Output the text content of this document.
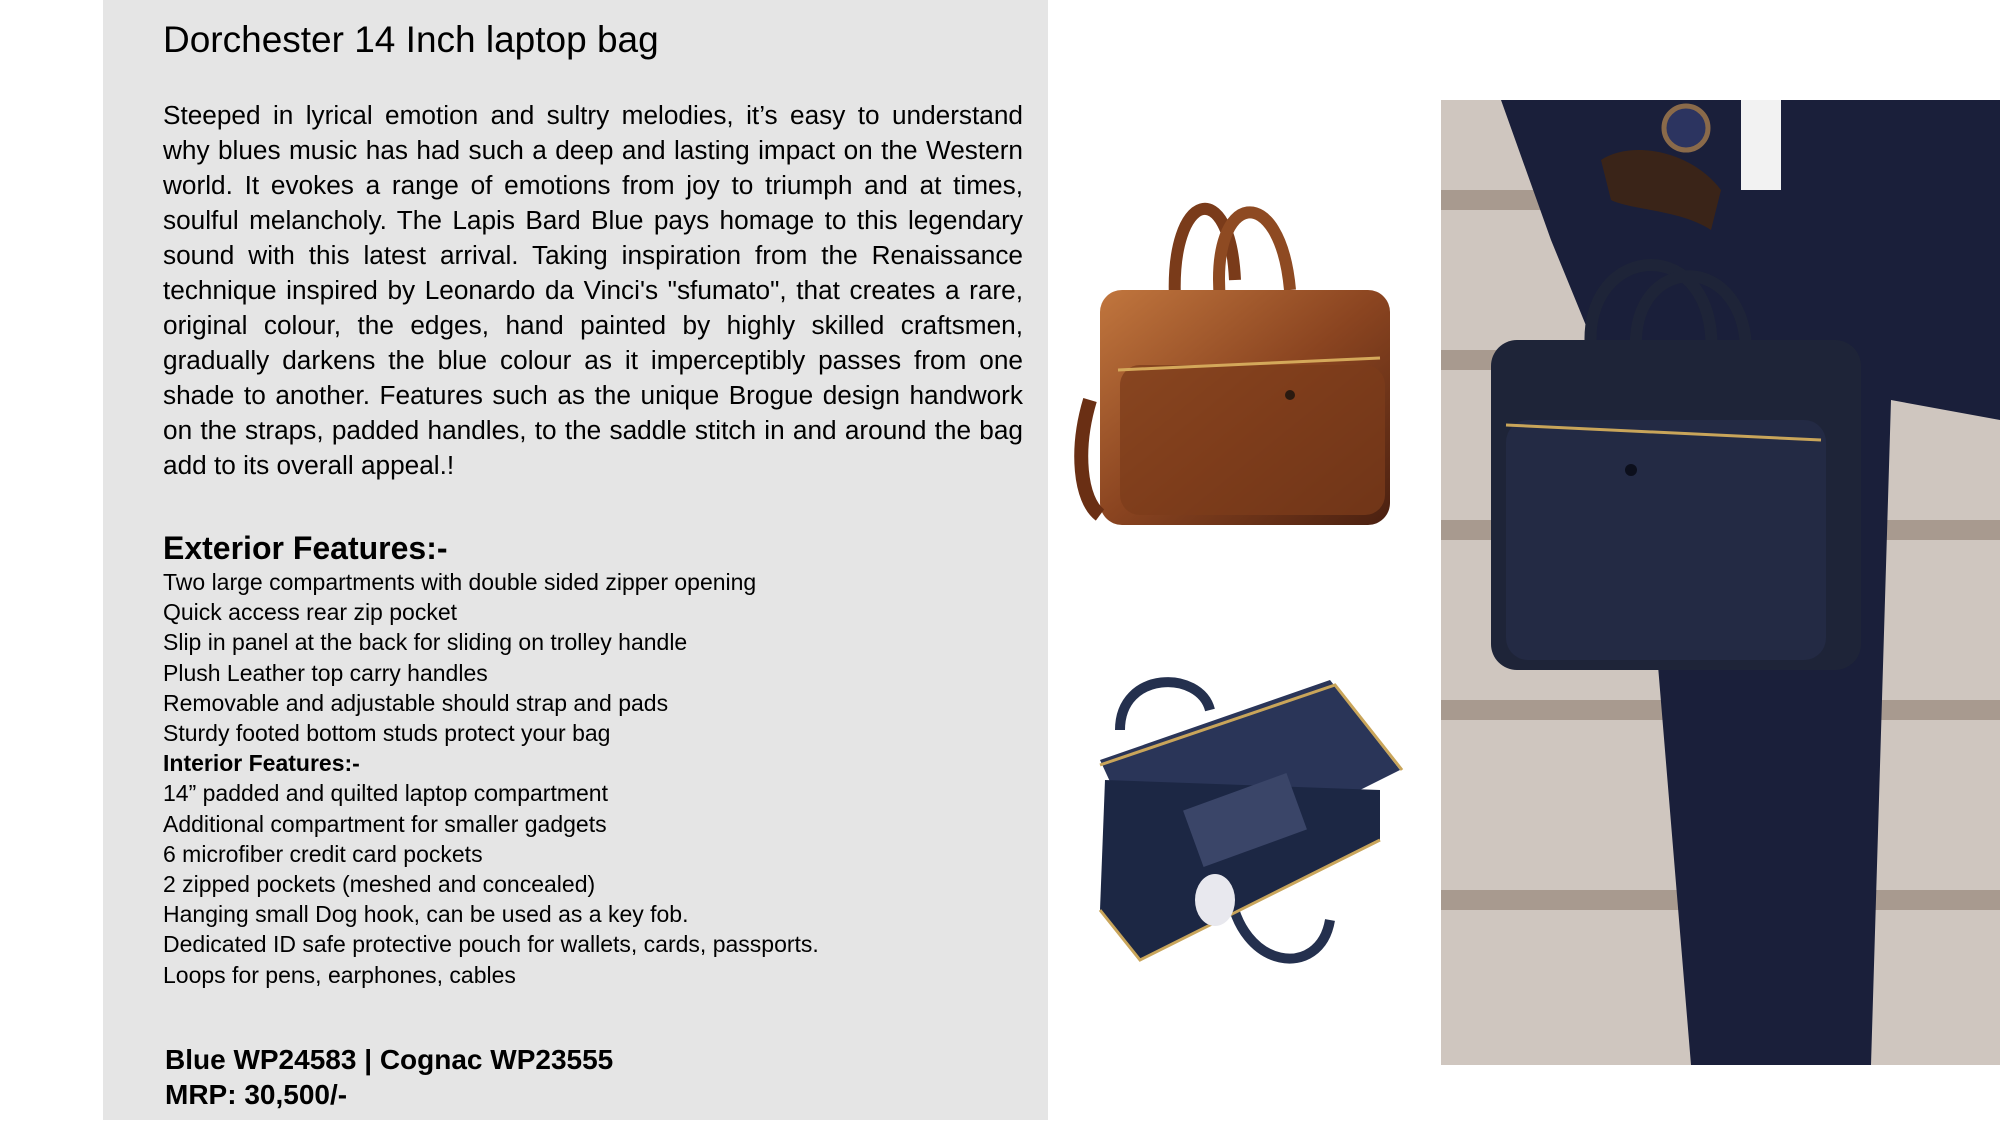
Dorchester 14 Inch laptop bag

Steeped in lyrical emotion and sultry melodies, it’s easy to understand why blues music has had such a deep and lasting impact on the Western world. It evokes a range of emotions from joy to triumph and at times, soulful melancholy. The Lapis Bard Blue pays homage to this legendary sound with this latest arrival. Taking inspiration from the Renaissance technique inspired by Leonardo da Vinci's "sfumato", that creates a rare, original colour, the edges, hand painted by highly skilled craftsmen, gradually darkens the blue colour as it imperceptibly passes from one shade to another. Features such as the unique Brogue design handwork on the straps, padded handles, to the saddle stitch in and around the bag add to its overall appeal.!

Exterior Features:-
Two large compartments with double sided zipper opening
Quick access rear zip pocket
Slip in panel at the back for sliding on trolley handle
Plush Leather top carry handles
Removable and adjustable should strap and pads
Sturdy footed bottom studs protect your bag
Interior Features:-
14” padded and quilted laptop compartment
Additional compartment for smaller gadgets
6 microfiber credit card pockets
2 zipped pockets (meshed and concealed)
Hanging small Dog hook, can be used as a key fob.
Dedicated ID safe protective pouch for wallets, cards, passports.
Loops for pens, earphones, cables
Blue WP24583 | Cognac WP23555
MRP: 30,500/-
